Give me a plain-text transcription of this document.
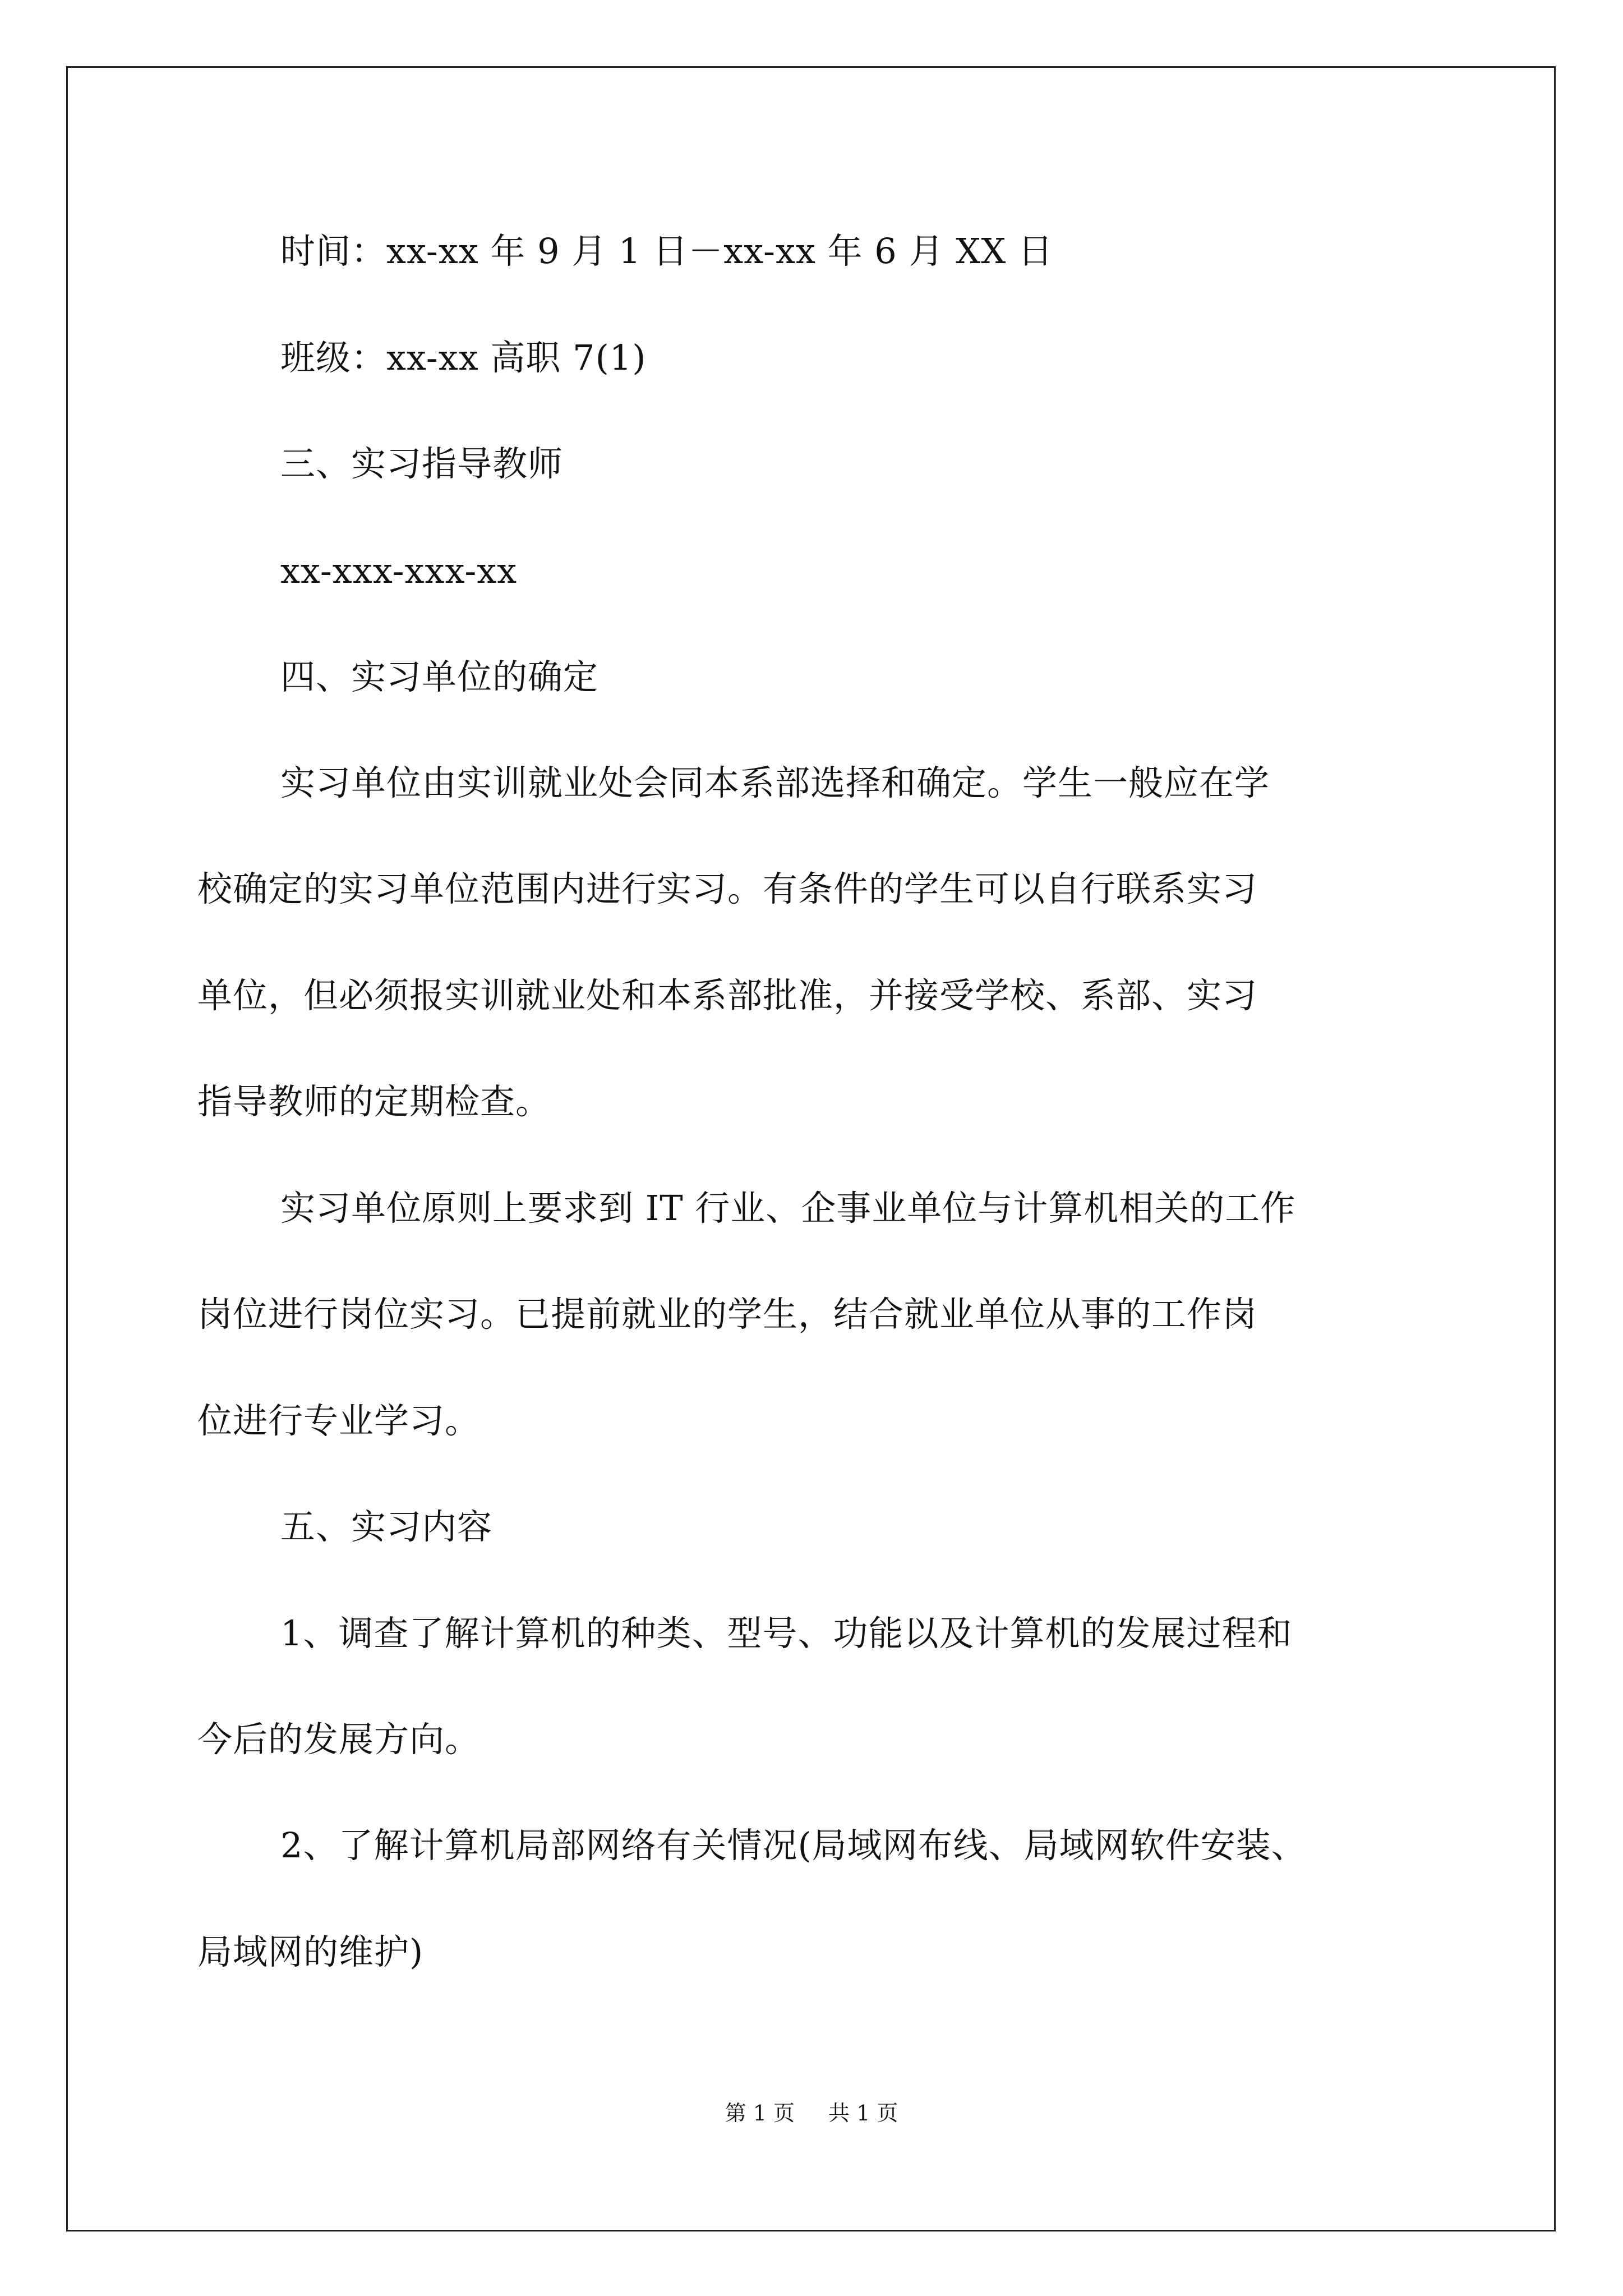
时间：xx-xx 年 9 月 1 日－xx-xx 年 6 月 XX 日
班级：xx-xx 高职 7(1)
三、实习指导教师
xx-xxx-xxx-xx
四、实习单位的确定
实习单位由实训就业处会同本系部选择和确定。学生一般应在学
校确定的实习单位范围内进行实习。有条件的学生可以自行联系实习
单位，但必须报实训就业处和本系部批准，并接受学校、系部、实习
指导教师的定期检查。
实习单位原则上要求到 IT 行业、企事业单位与计算机相关的工作
岗位进行岗位实习。已提前就业的学生，结合就业单位从事的工作岗
位进行专业学习。
五、实习内容
1、调查了解计算机的种类、型号、功能以及计算机的发展过程和
今后的发展方向。
2、了解计算机局部网络有关情况(局域网布线、局域网软件安装、
局域网的维护)
第 1 页 共 1 页
